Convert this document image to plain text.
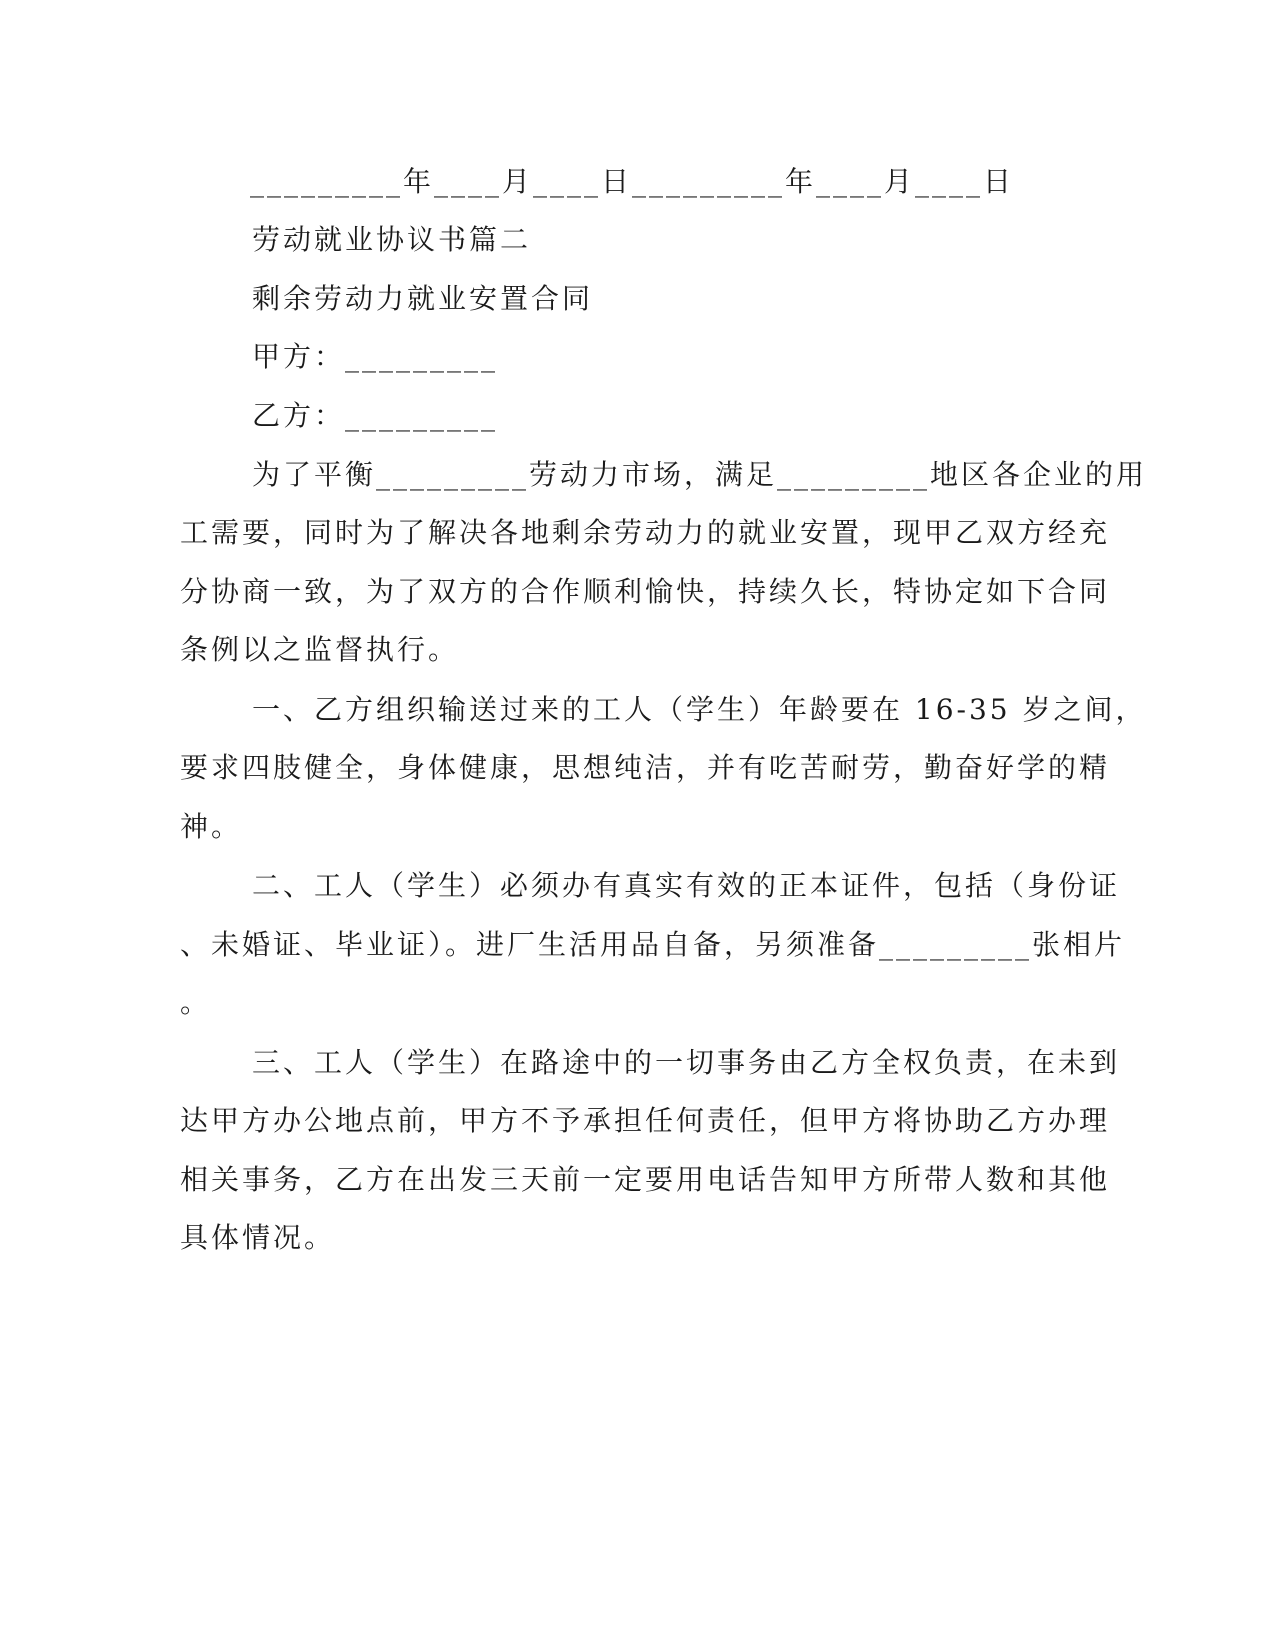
_________年____月____日_________年____月____日
劳动就业协议书篇二
剩余劳动力就业安置合同
甲方：_________
乙方：_________
为了平衡_________劳动力市场，满足_________地区各企业的用
工需要，同时为了解决各地剩余劳动力的就业安置，现甲乙双方经充
分协商一致，为了双方的合作顺利愉快，持续久长，特协定如下合同
条例以之监督执行。
一、乙方组织输送过来的工人（学生）年龄要在 16-35 岁之间，
要求四肢健全，身体健康，思想纯洁，并有吃苦耐劳，勤奋好学的精
神。
二、工人（学生）必须办有真实有效的正本证件，包括（身份证
、未婚证、毕业证）。进厂生活用品自备，另须准备_________张相片
。
三、工人（学生）在路途中的一切事务由乙方全权负责，在未到
达甲方办公地点前，甲方不予承担任何责任，但甲方将协助乙方办理
相关事务，乙方在出发三天前一定要用电话告知甲方所带人数和其他
具体情况。
